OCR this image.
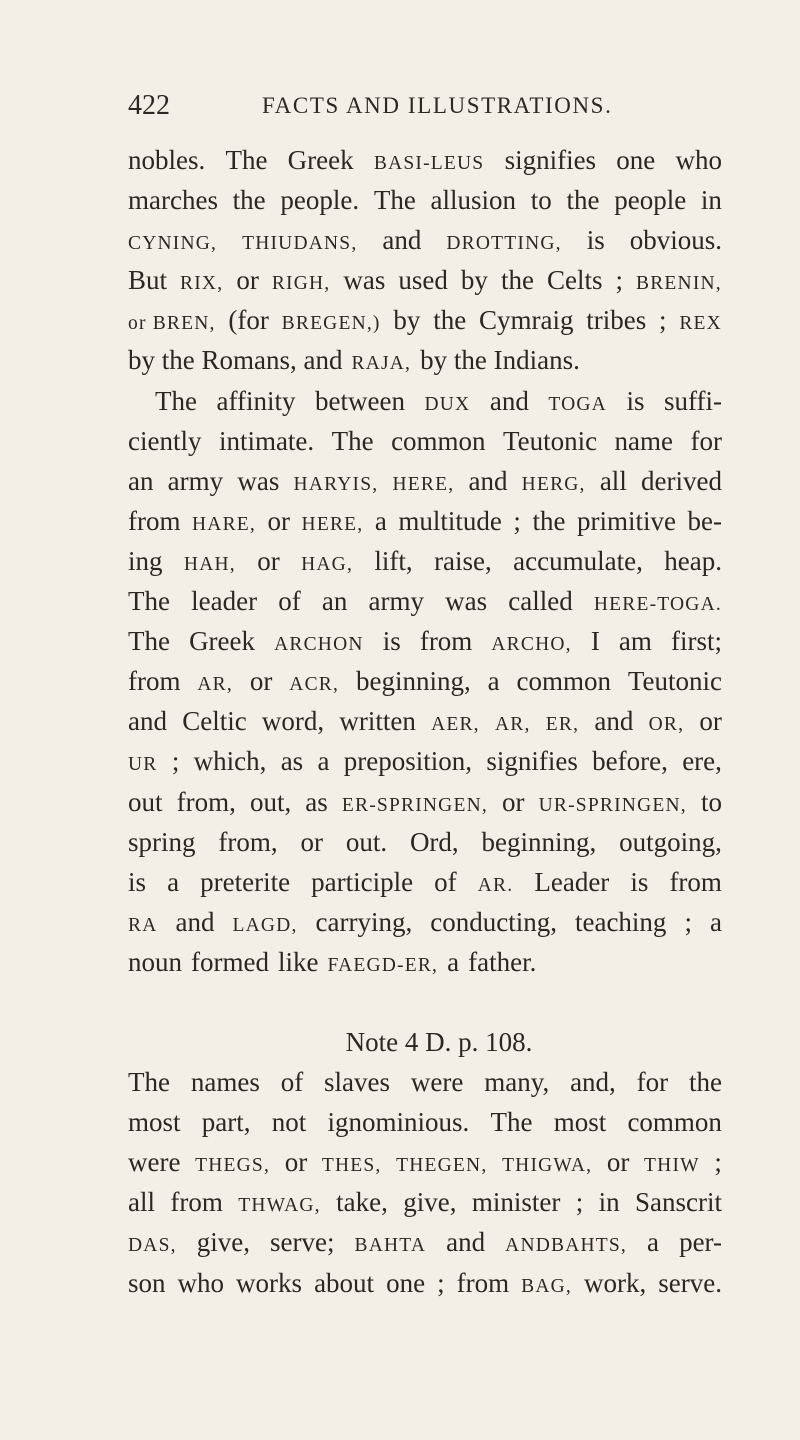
422	FACTS AND ILLUSTRATIONS.
nobles. The Greek BASI-LEUS signifies one who
marches the people. The allusion to the people in
CYNING, THIUDANS, and DROTTING, is obvious.
But RIX, or RIGH, was used by the Celts ; BRENIN,
or BREN, (for BREGEN,) by the Cymraig tribes ; REX
by the Romans, and RAJA, by the Indians.
The affinity between DUX and TOGA is suffi-
ciently intimate. The common Teutonic name for
an army was HARYIS, HERE, and HERG, all derived
from HARE, or HERE, a multitude ; the primitive be-
ing HAH, or HAG, lift, raise, accumulate, heap.
The leader of an army was called HERE-TOGA.
The Greek ARCHON is from ARCHO, I am first;
from AR, or ACR, beginning, a common Teutonic
and Celtic word, written AER, AR, ER, and OR, or
UR ; which, as a preposition, signifies before, ere,
out from, out, as ER-SPRINGEN, or UR-SPRINGEN, to
spring from, or out. Ord, beginning, outgoing,
is a preterite participle of AR. Leader is from
RA and LAGD, carrying, conducting, teaching ; a
noun formed like FAEGD-ER, a father.
Note 4 D. p. 108.
The names of slaves were many, and, for the
most part, not ignominious. The most common
were THEGS, or THES, THEGEN, THIGWA, or THIW ;
all from THWAG, take, give, minister ; in Sanscrit
DAS, give, serve; BAHTA and ANDBAHTS, a per-
son who works about one ; from BAG, work, serve.
